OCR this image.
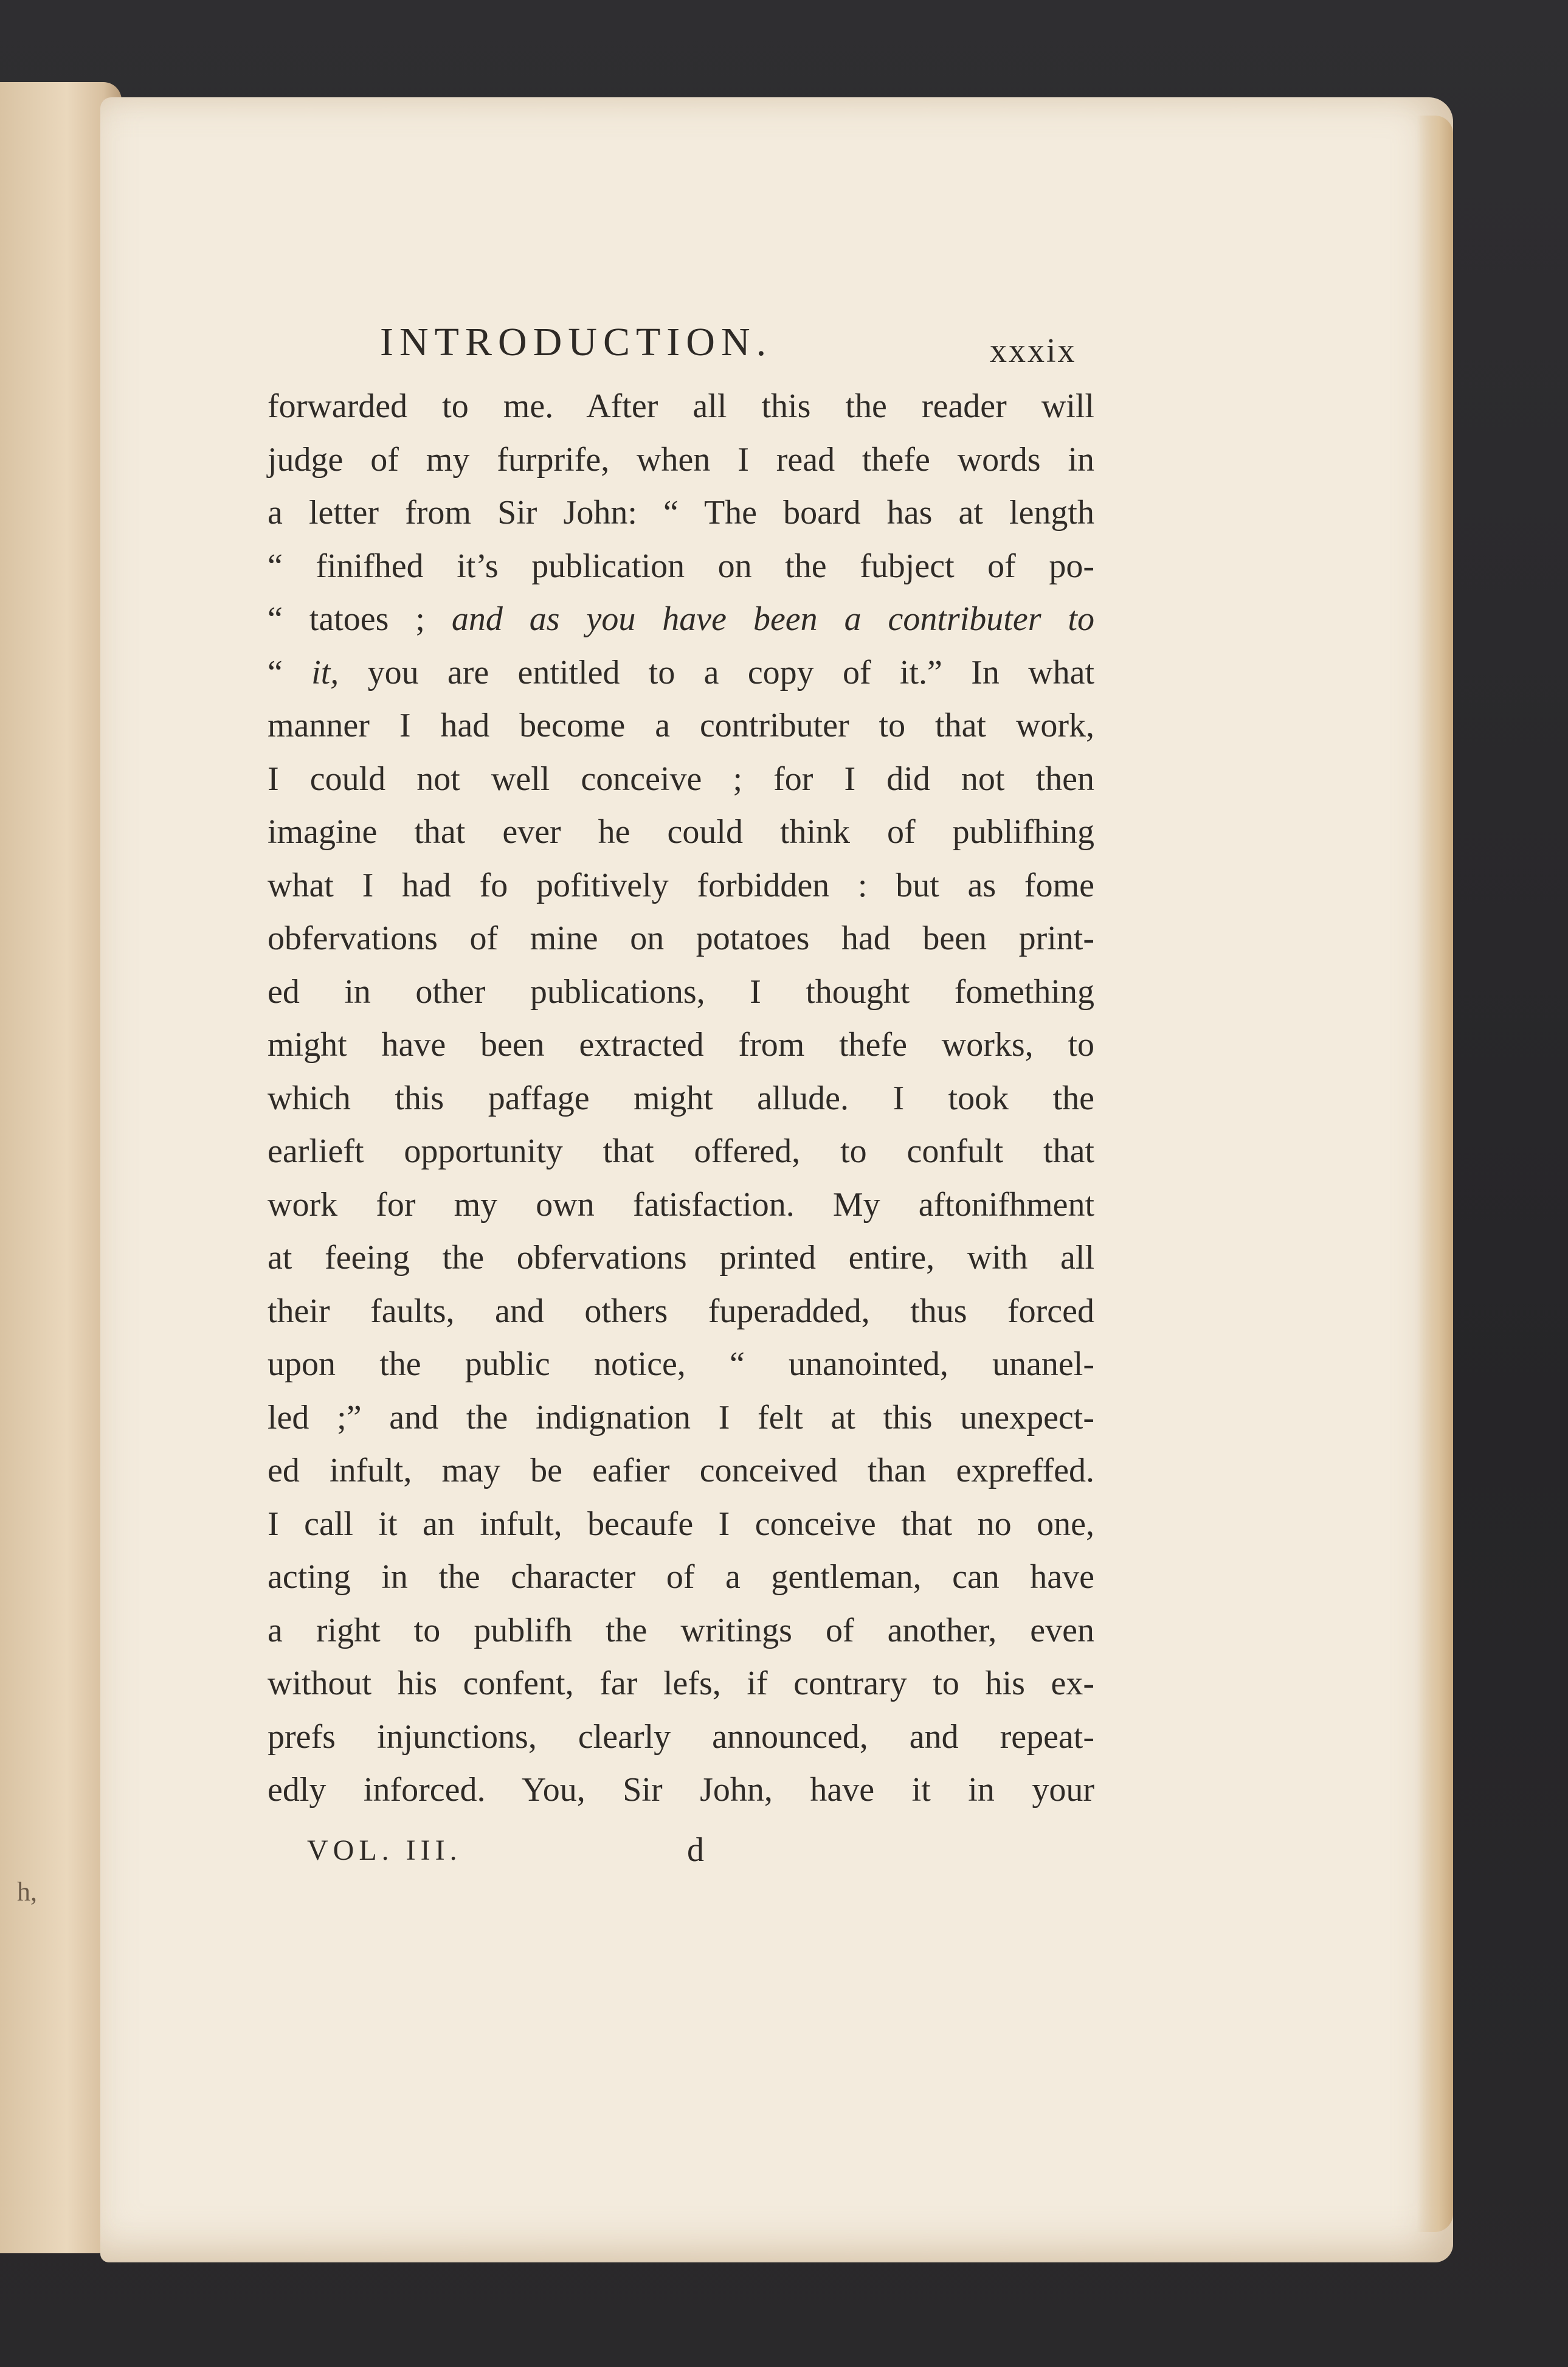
h,
INTRODUCTION.	xxxix
forwarded to me. After all this the reader will
judge of my furprife, when I read thefe words in
a letter from Sir John: “ The board has at length
“ finifhed it’s publication on the fubject of po-
“ tatoes ; and as you have been a contributer to
“ it, you are entitled to a copy of it.” In what
manner I had become a contributer to that work,
I could not well conceive ; for I did not then
imagine that ever he could think of publifhing
what I had fo pofitively forbidden : but as fome
obfervations of mine on potatoes had been print-
ed in other publications, I thought fomething
might have been extracted from thefe works, to
which this paffage might allude. I took the
earlieft opportunity that offered, to confult that
work for my own fatisfaction. My aftonifhment
at feeing the obfervations printed entire, with all
their faults, and others fuperadded, thus forced
upon the public notice, “ unanointed, unanel-
led ;” and the indignation I felt at this unexpect-
ed infult, may be eafier conceived than expreffed.
I call it an infult, becaufe I conceive that no one,
acting in the character of a gentleman, can have
a right to publifh the writings of another, even
without his confent, far lefs, if contrary to his ex-
prefs injunctions, clearly announced, and repeat-
edly inforced. You, Sir John, have it in your
VOL. III.	d
